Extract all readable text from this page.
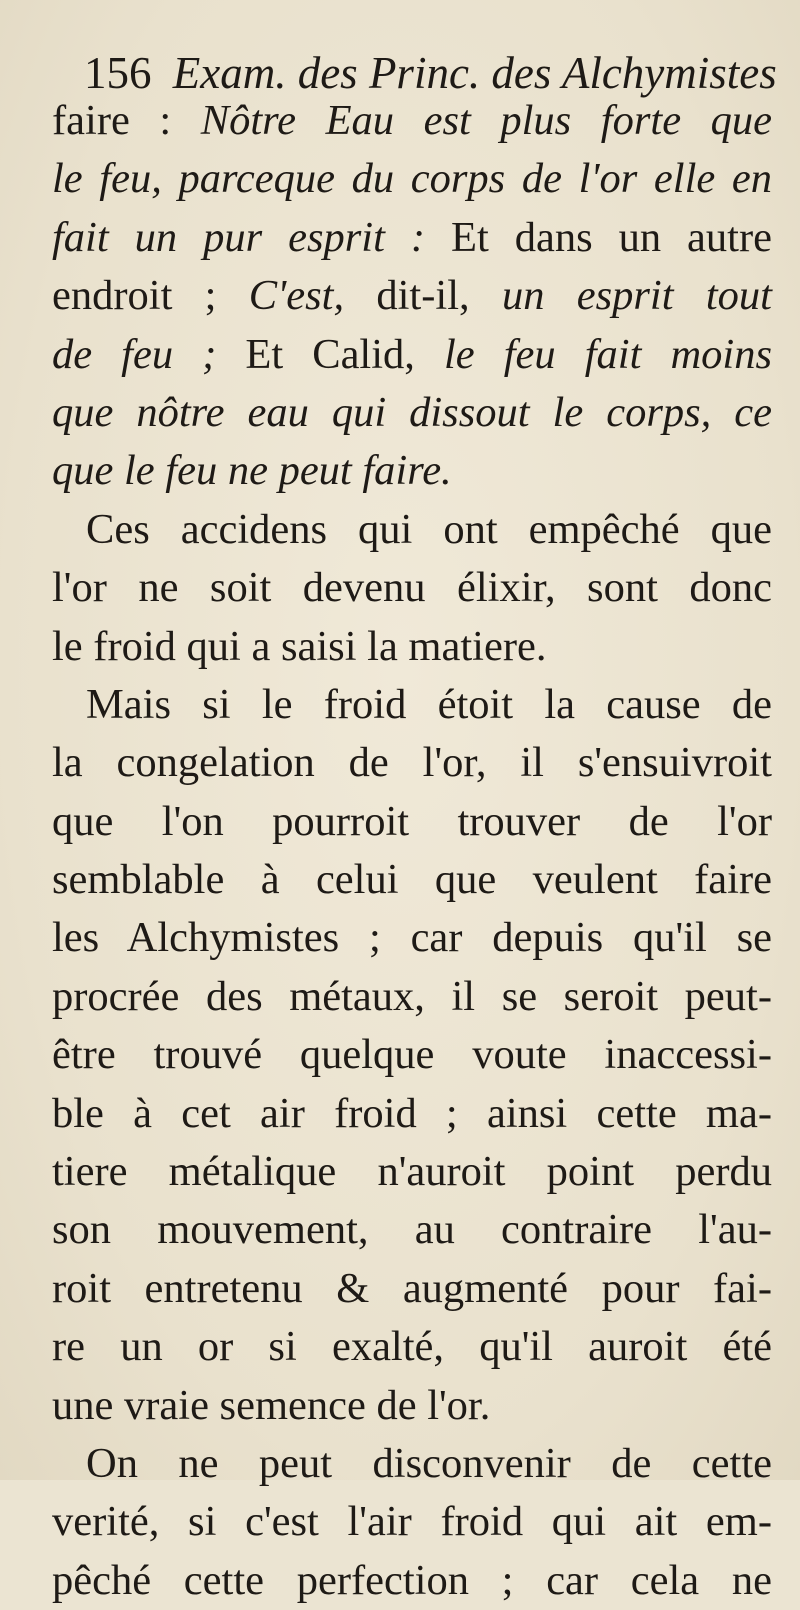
156 Exam. des Princ. des Alchymistes
faire : Nôtre Eau est plus forte que
le feu, parceque du corps de l'or elle en
fait un pur esprit : Et dans un autre
endroit ; C'est, dit-il, un esprit tout
de feu ; Et Calid, le feu fait moins
que nôtre eau qui dissout le corps, ce
que le feu ne peut faire.
Ces accidens qui ont empêché que
l'or ne soit devenu élixir, sont donc
le froid qui a saisi la matiere.
Mais si le froid étoit la cause de
la congelation de l'or, il s'ensuivroit
que l'on pourroit trouver de l'or
semblable à celui que veulent faire
les Alchymistes ; car depuis qu'il se
procrée des métaux, il se seroit peut-
être trouvé quelque voute inaccessi-
ble à cet air froid ; ainsi cette ma-
tiere métalique n'auroit point perdu
son mouvement, au contraire l'au-
roit entretenu & augmenté pour fai-
re un or si exalté, qu'il auroit été
une vraie semence de l'or.
On ne peut disconvenir de cette
verité, si c'est l'air froid qui ait em-
pêché cette perfection ; car cela ne
